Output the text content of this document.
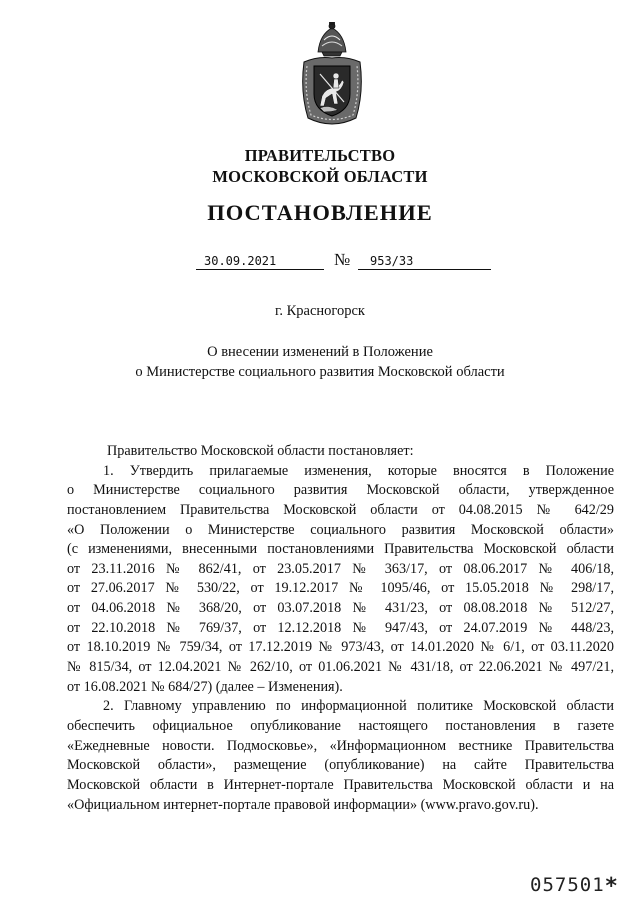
ПРАВИТЕЛЬСТВО
МОСКОВСКОЙ ОБЛАСТИ
ПОСТАНОВЛЕНИЕ
30.09.2021	№	953/33
г. Красногорск
О внесении изменений в Положение
о Министерстве социального развития Московской области
Правительство Московской области постановляет:
1. Утвердить прилагаемые изменения, которые вносятся в Положение
о Министерстве социального развития Московской области, утвержденное
постановлением Правительства Московской области от 04.08.2015 № 642/29
«О Положении о Министерстве социального развития Московской области»
(с изменениями, внесенными постановлениями Правительства Московской области
от 23.11.2016 № 862/41, от 23.05.2017 № 363/17, от 08.06.2017 № 406/18,
от 27.06.2017 № 530/22, от 19.12.2017 № 1095/46, от 15.05.2018 № 298/17,
от 04.06.2018 № 368/20, от 03.07.2018 № 431/23, от 08.08.2018 № 512/27,
от 22.10.2018 № 769/37, от 12.12.2018 № 947/43, от 24.07.2019 № 448/23,
от 18.10.2019 № 759/34, от 17.12.2019 № 973/43, от 14.01.2020 № 6/1, от 03.11.2020
№ 815/34, от 12.04.2021 № 262/10, от 01.06.2021 № 431/18, от 22.06.2021 № 497/21,
от 16.08.2021 № 684/27) (далее – Изменения).
2. Главному управлению по информационной политике Московской области
обеспечить официальное опубликование настоящего постановления в газете
«Ежедневные новости. Подмосковье», «Информационном вестнике Правительства
Московской области», размещение (опубликование) на сайте Правительства
Московской области в Интернет-портале Правительства Московской области и на
«Официальном интернет-портале правовой информации» (www.pravo.gov.ru).
057501*
